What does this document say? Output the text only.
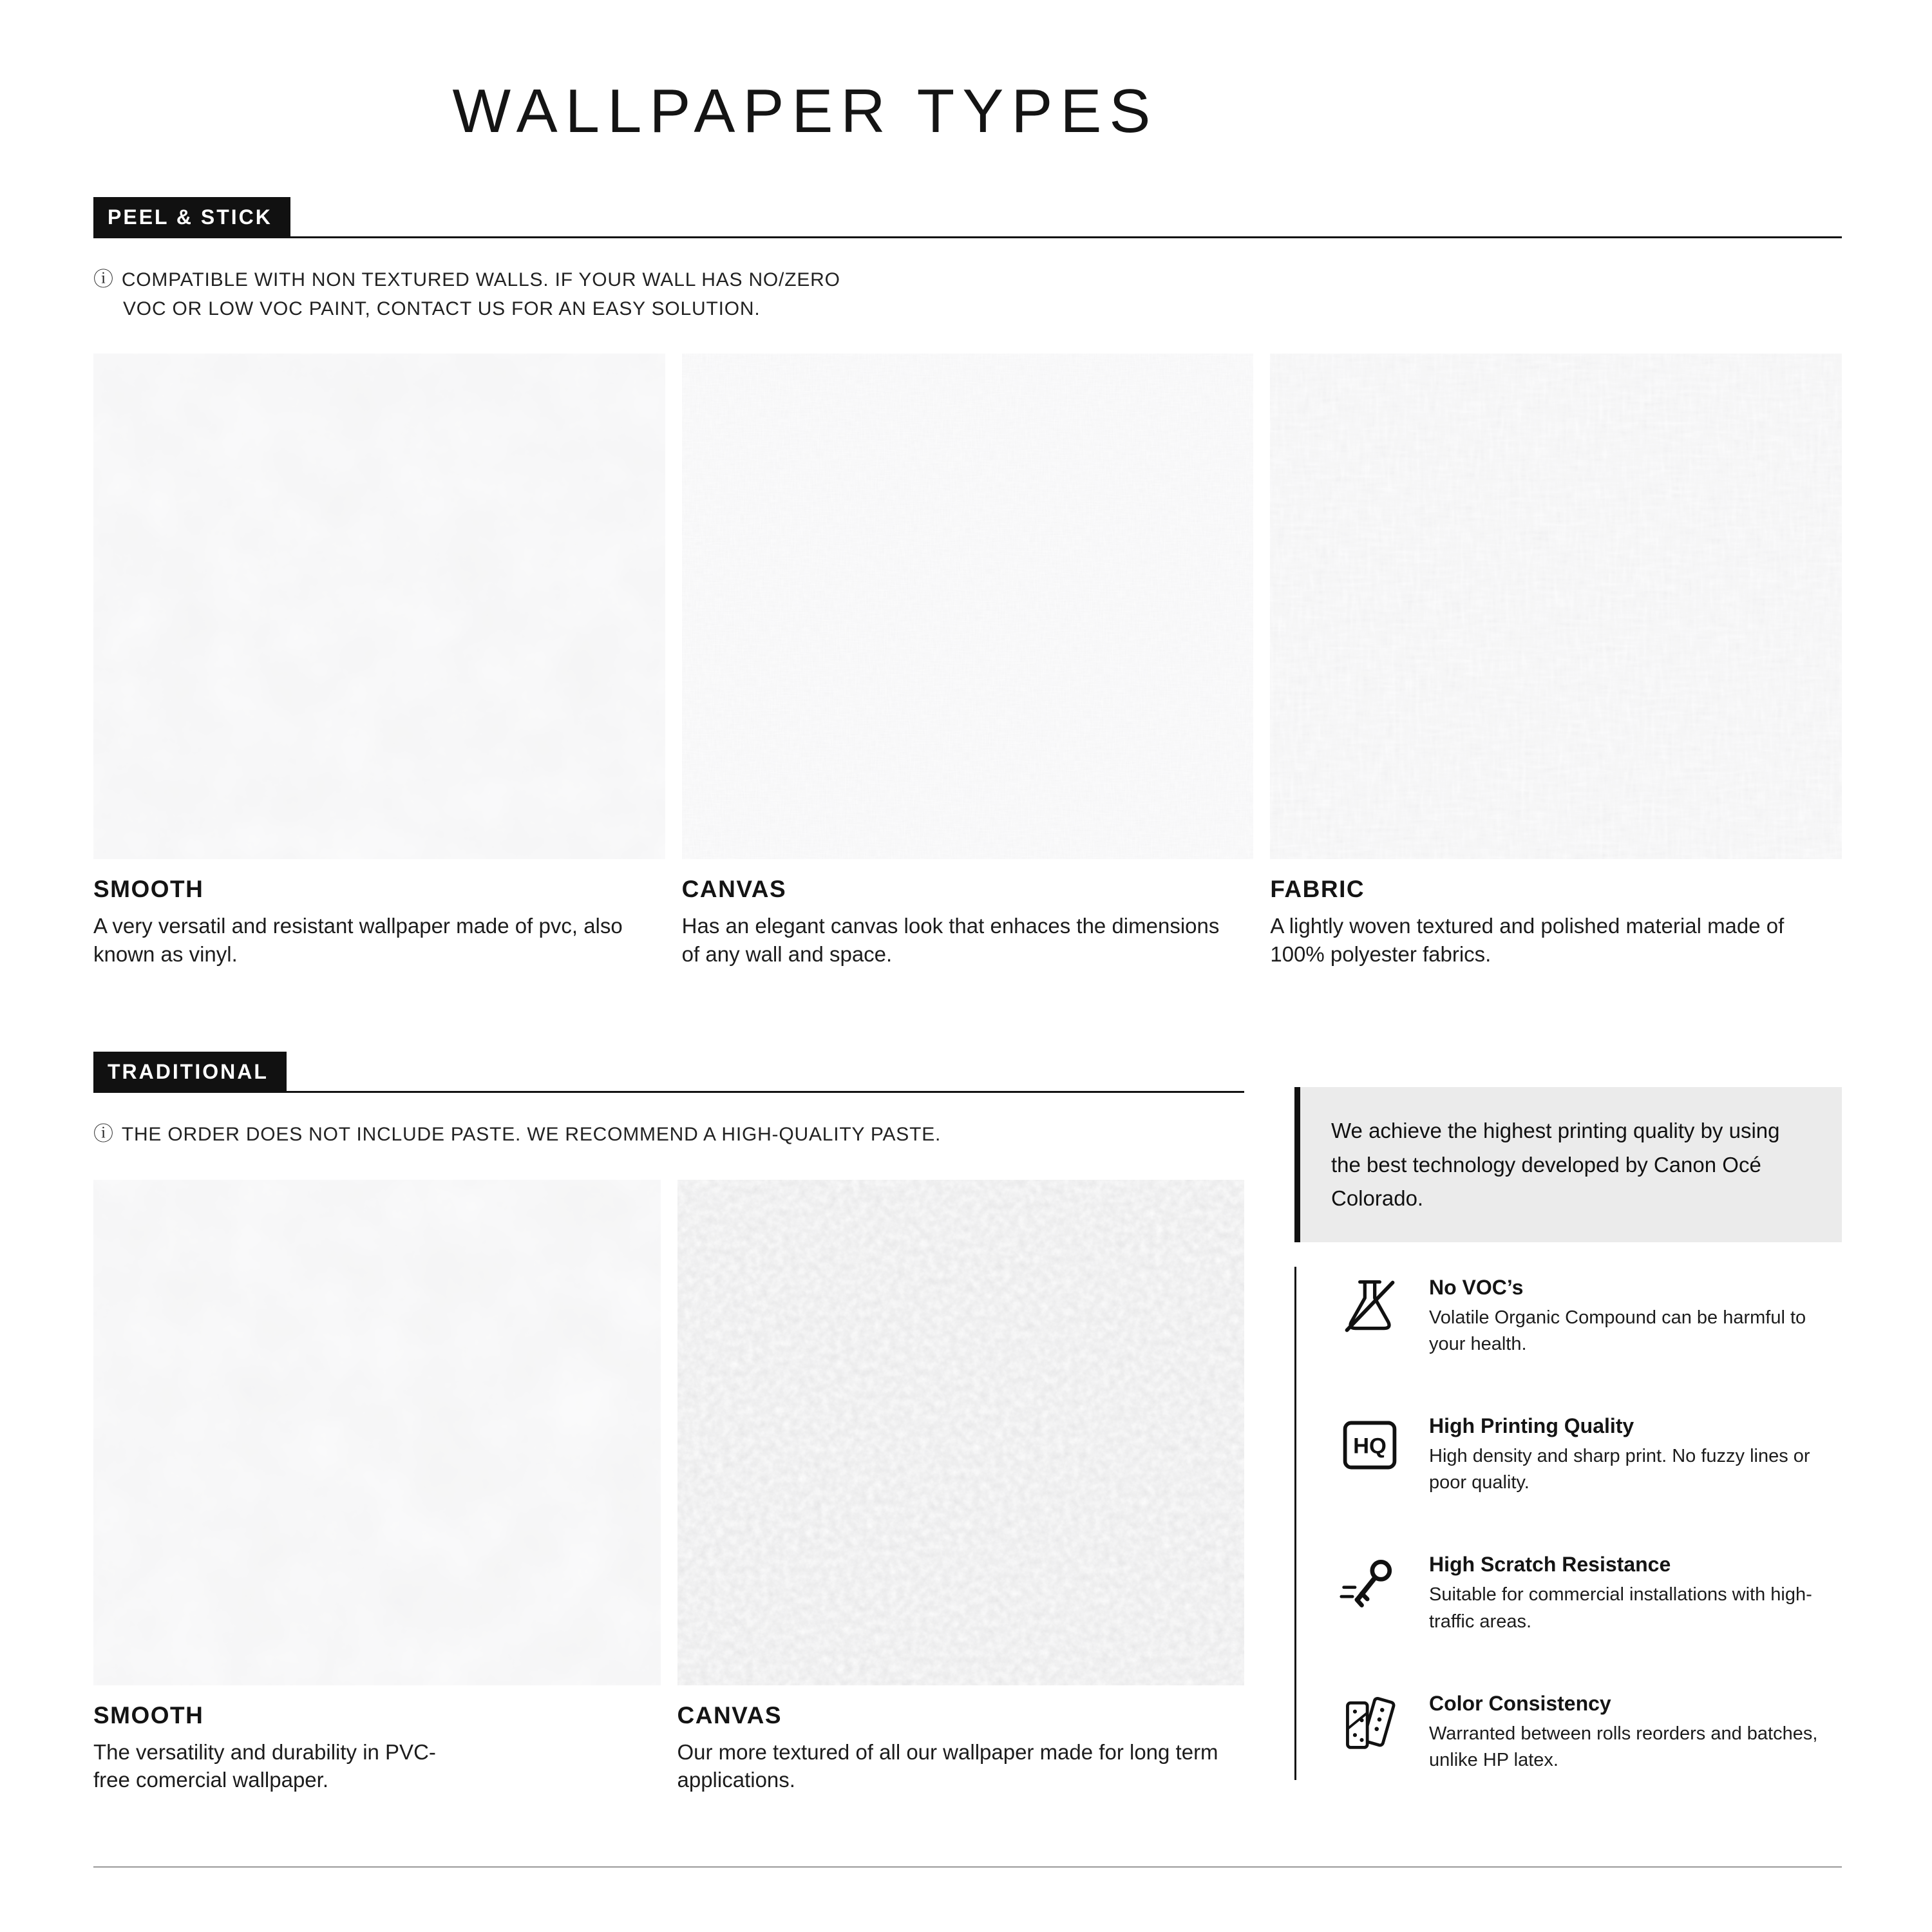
WALLPAPER TYPES
PEEL & STICK
ⓘ COMPATIBLE WITH NON TEXTURED WALLS. IF YOUR WALL HAS NO/ZERO
VOC OR LOW VOC PAINT, CONTACT US FOR AN EASY SOLUTION.
SMOOTH
A very versatil and resistant wallpaper made of pvc, also known as vinyl.
CANVAS
Has an elegant canvas look that enhaces the dimensions of any wall and space.
FABRIC
A lightly woven textured and polished material made of 100% polyester fabrics.
TRADITIONAL
ⓘ THE ORDER DOES NOT INCLUDE PASTE. WE RECOMMEND A HIGH-QUALITY PASTE.
SMOOTH
The versatility and durability in PVC-free comercial wallpaper.
CANVAS
Our more textured of all our wallpaper made for long term applications.
We achieve the highest printing quality by using the best technology developed by Canon Océ Colorado.
No VOC’s
Volatile Organic Compound can be harmful to your health.
HQ
High Printing Quality
High density and sharp print. No fuzzy lines or poor quality.
High Scratch Resistance
Suitable for commercial installations with high-traffic areas.
Color Consistency
Warranted between rolls reorders and batches, unlike HP latex.
